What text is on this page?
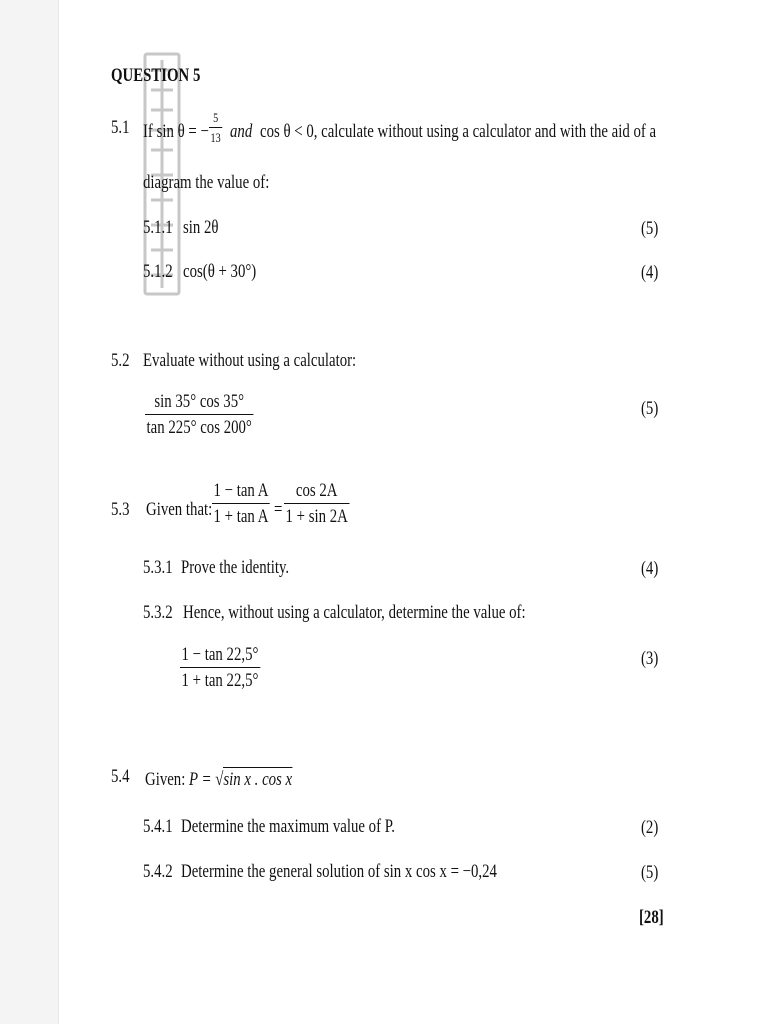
QUESTION 5
5.1 If sin θ = −
5
13 and cos θ < 0, calculate without using a calculator and with the aid of a
diagram the value of:
5.1.1 sin 2θ	(5)
5.1.2 cos(θ + 30°)	(4)
5.2 Evaluate without using a calculator:
sin 35° cos 35°
tan 225° cos 200°
(5)
5.3 Given that:
1 − tan A
1 + tan A =
cos 2A
1 + sin 2A
5.3.1 Prove the identity.	(4)
5.3.2 Hence, without using a calculator, determine the value of:
1 − tan 22,5°
1 + tan 22,5°
(3)
5.4 Given: P = √sin x . cos x
5.4.1 Determine the maximum value of P.	(2)
5.4.2 Determine the general solution of sin x cos x = −0,24	(5)
[28]
